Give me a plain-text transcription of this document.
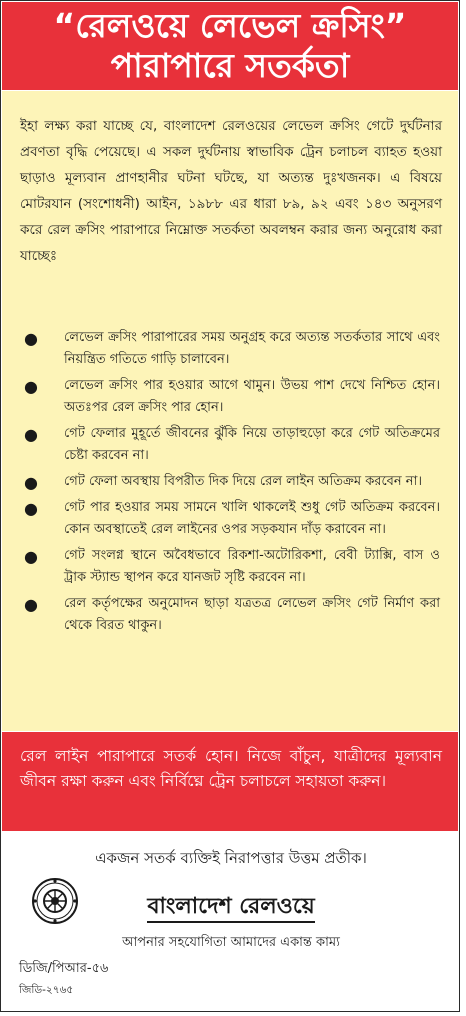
“রেলওয়ে লেভেল ক্রসিং”
পারাপারে সতর্কতা
ইহা লক্ষ্য করা যাচ্ছে যে, বাংলাদেশ রেলওয়ের লেভেল ক্রসিং গেটে দুর্ঘটনার প্রবণতা বৃদ্ধি পেয়েছে। এ সকল দুর্ঘটনায় স্বাভাবিক ট্রেন চলাচল ব্যাহত হওয়া ছাড়াও মূল্যবান প্রাণহানীর ঘটনা ঘটছে, যা অত্যন্ত দুঃখজনক। এ বিষয়ে মোটরযান (সংশোধনী) আইন, ১৯৮৮ এর ধারা ৮৯, ৯২ এবং ১৪৩ অনুসরণ করে রেল ক্রসিং পারাপারে নিম্নোক্ত সতর্কতা অবলম্বন করার জন্য অনুরোধ করা যাচ্ছেঃ
● লেভেল ক্রসিং পারাপারের সময় অনুগ্রহ করে অত্যন্ত সতর্কতার সাথে এবং নিয়ন্ত্রিত গতিতে গাড়ি চালাবেন।
● লেভেল ক্রসিং পার হওয়ার আগে থামুন। উভয় পাশ দেখে নিশ্চিত হোন। অতঃপর রেল ক্রসিং পার হোন।
● গেট ফেলার মুহূর্তে জীবনের ঝুঁকি নিয়ে তাড়াহুড়ো করে গেট অতিক্রমের চেষ্টা করবেন না।
● গেট ফেলা অবস্থায় বিপরীত দিক দিয়ে রেল লাইন অতিক্রম করবেন না।
● গেট পার হওয়ার সময় সামনে খালি থাকলেই শুধু গেট অতিক্রম করবেন। কোন অবস্থাতেই রেল লাইনের ওপর সড়কযান দাঁড় করাবেন না।
● গেট সংলগ্ন স্থানে অবৈধভাবে রিকশা-অটোরিকশা, বেবী ট্যাক্সি, বাস ও ট্রাক স্ট্যান্ড স্থাপন করে যানজট সৃষ্টি করবেন না।
● রেল কর্তৃপক্ষের অনুমোদন ছাড়া যত্রতত্র লেভেল ক্রসিং গেট নির্মাণ করা থেকে বিরত থাকুন।
রেল লাইন পারাপারে সতর্ক হোন। নিজে বাঁচুন, যাত্রীদের মূল্যবান জীবন রক্ষা করুন এবং নির্বিঘ্নে ট্রেন চলাচলে সহায়তা করুন।
একজন সতর্ক ব্যক্তিই নিরাপত্তার উত্তম প্রতীক।
বাংলাদেশ রেলওয়ে
আপনার সহযোগিতা আমাদের একান্ত কাম্য
ডিজি/পিআর-৫৬
জিডি-২৭৬৫
